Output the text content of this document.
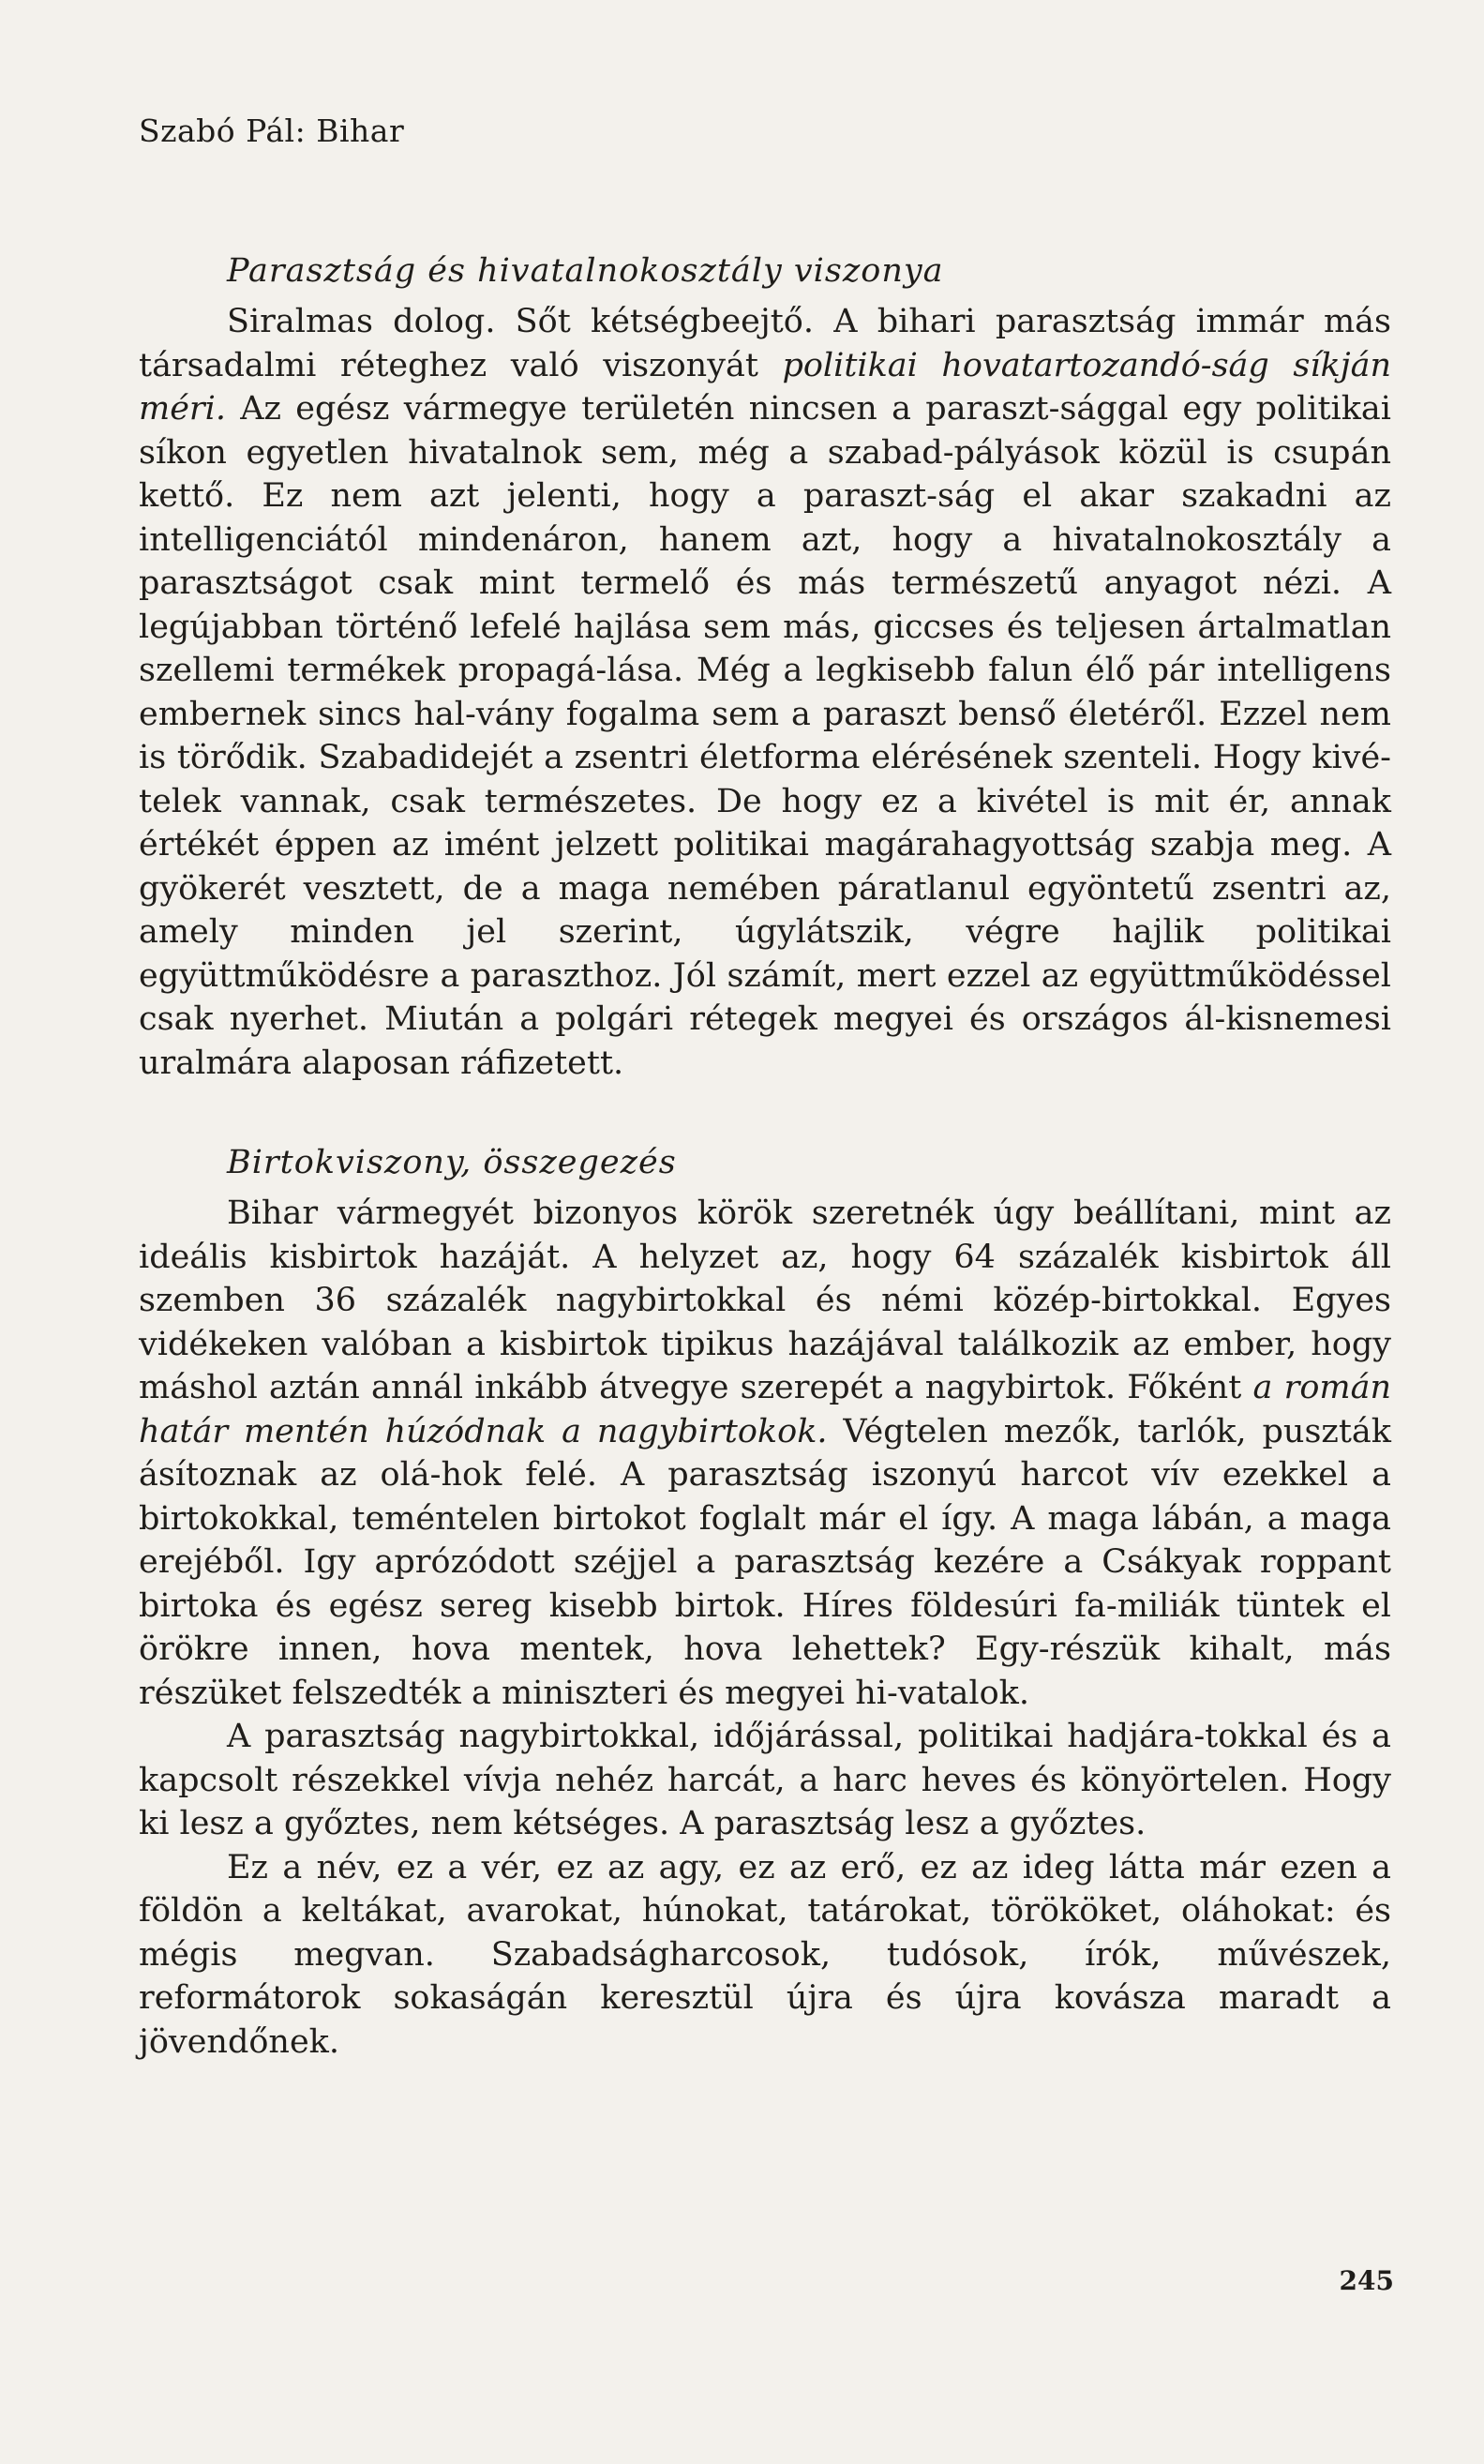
Szabó Pál: Bihar
Parasztság és hivatalnokosztály viszonya

Siralmas dolog. Sőt kétségbeejtő. A bihari parasztság immár más társadalmi réteghez való viszonyát politikai hovatartozandó-ság síkján méri. Az egész vármegye területén nincsen a paraszt-sággal egy politikai síkon egyetlen hivatalnok sem, még a szabad-pályások közül is csupán kettő. Ez nem azt jelenti, hogy a paraszt-ság el akar szakadni az intelligenciától mindenáron, hanem azt, hogy a hivatalnokosztály a parasztságot csak mint termelő és más természetű anyagot nézi. A legújabban történő lefelé hajlása sem más, giccses és teljesen ártalmatlan szellemi termékek propagá-lása. Még a legkisebb falun élő pár intelligens embernek sincs hal-vány fogalma sem a paraszt benső életéről. Ezzel nem is törődik. Szabadidejét a zsentri életforma elérésének szenteli. Hogy kivé-telek vannak, csak természetes. De hogy ez a kivétel is mit ér, annak értékét éppen az imént jelzett politikai magárahagyottság szabja meg. A gyökerét vesztett, de a maga nemében páratlanul egyöntetű zsentri az, amely minden jel szerint, úgylátszik, végre hajlik politikai együttműködésre a paraszthoz. Jól számít, mert ezzel az együttműködéssel csak nyerhet. Miután a polgári rétegek megyei és országos ál-kisnemesi uralmára alaposan ráfizetett.

Birtokviszony, összegezés

Bihar vármegyét bizonyos körök szeretnék úgy beállítani, mint az ideális kisbirtok hazáját. A helyzet az, hogy 64 százalék kisbirtok áll szemben 36 százalék nagybirtokkal és némi közép-birtokkal. Egyes vidékeken valóban a kisbirtok tipikus hazájával találkozik az ember, hogy máshol aztán annál inkább átvegye szerepét a nagybirtok. Főként a román határ mentén húzódnak a nagybirtokok. Végtelen mezők, tarlók, puszták ásítoznak az olá-hok felé. A parasztság iszonyú harcot vív ezekkel a birtokokkal, teméntelen birtokot foglalt már el így. A maga lábán, a maga erejéből. Igy aprózódott széjjel a parasztság kezére a Csákyak roppant birtoka és egész sereg kisebb birtok. Híres földesúri fa-miliák tüntek el örökre innen, hova mentek, hova lehettek? Egy-részük kihalt, más részüket felszedték a miniszteri és megyei hi-vatalok.

A parasztság nagybirtokkal, időjárással, politikai hadjára-tokkal és a kapcsolt részekkel vívja nehéz harcát, a harc heves és könyörtelen. Hogy ki lesz a győztes, nem kétséges. A parasztság lesz a győztes.

Ez a név, ez a vér, ez az agy, ez az erő, ez az ideg látta már ezen a földön a keltákat, avarokat, húnokat, tatárokat, törököket, oláhokat: és mégis megvan. Szabadságharcosok, tudósok, írók, művészek, reformátorok sokaságán keresztül újra és újra kovásza maradt a jövendőnek.

245
